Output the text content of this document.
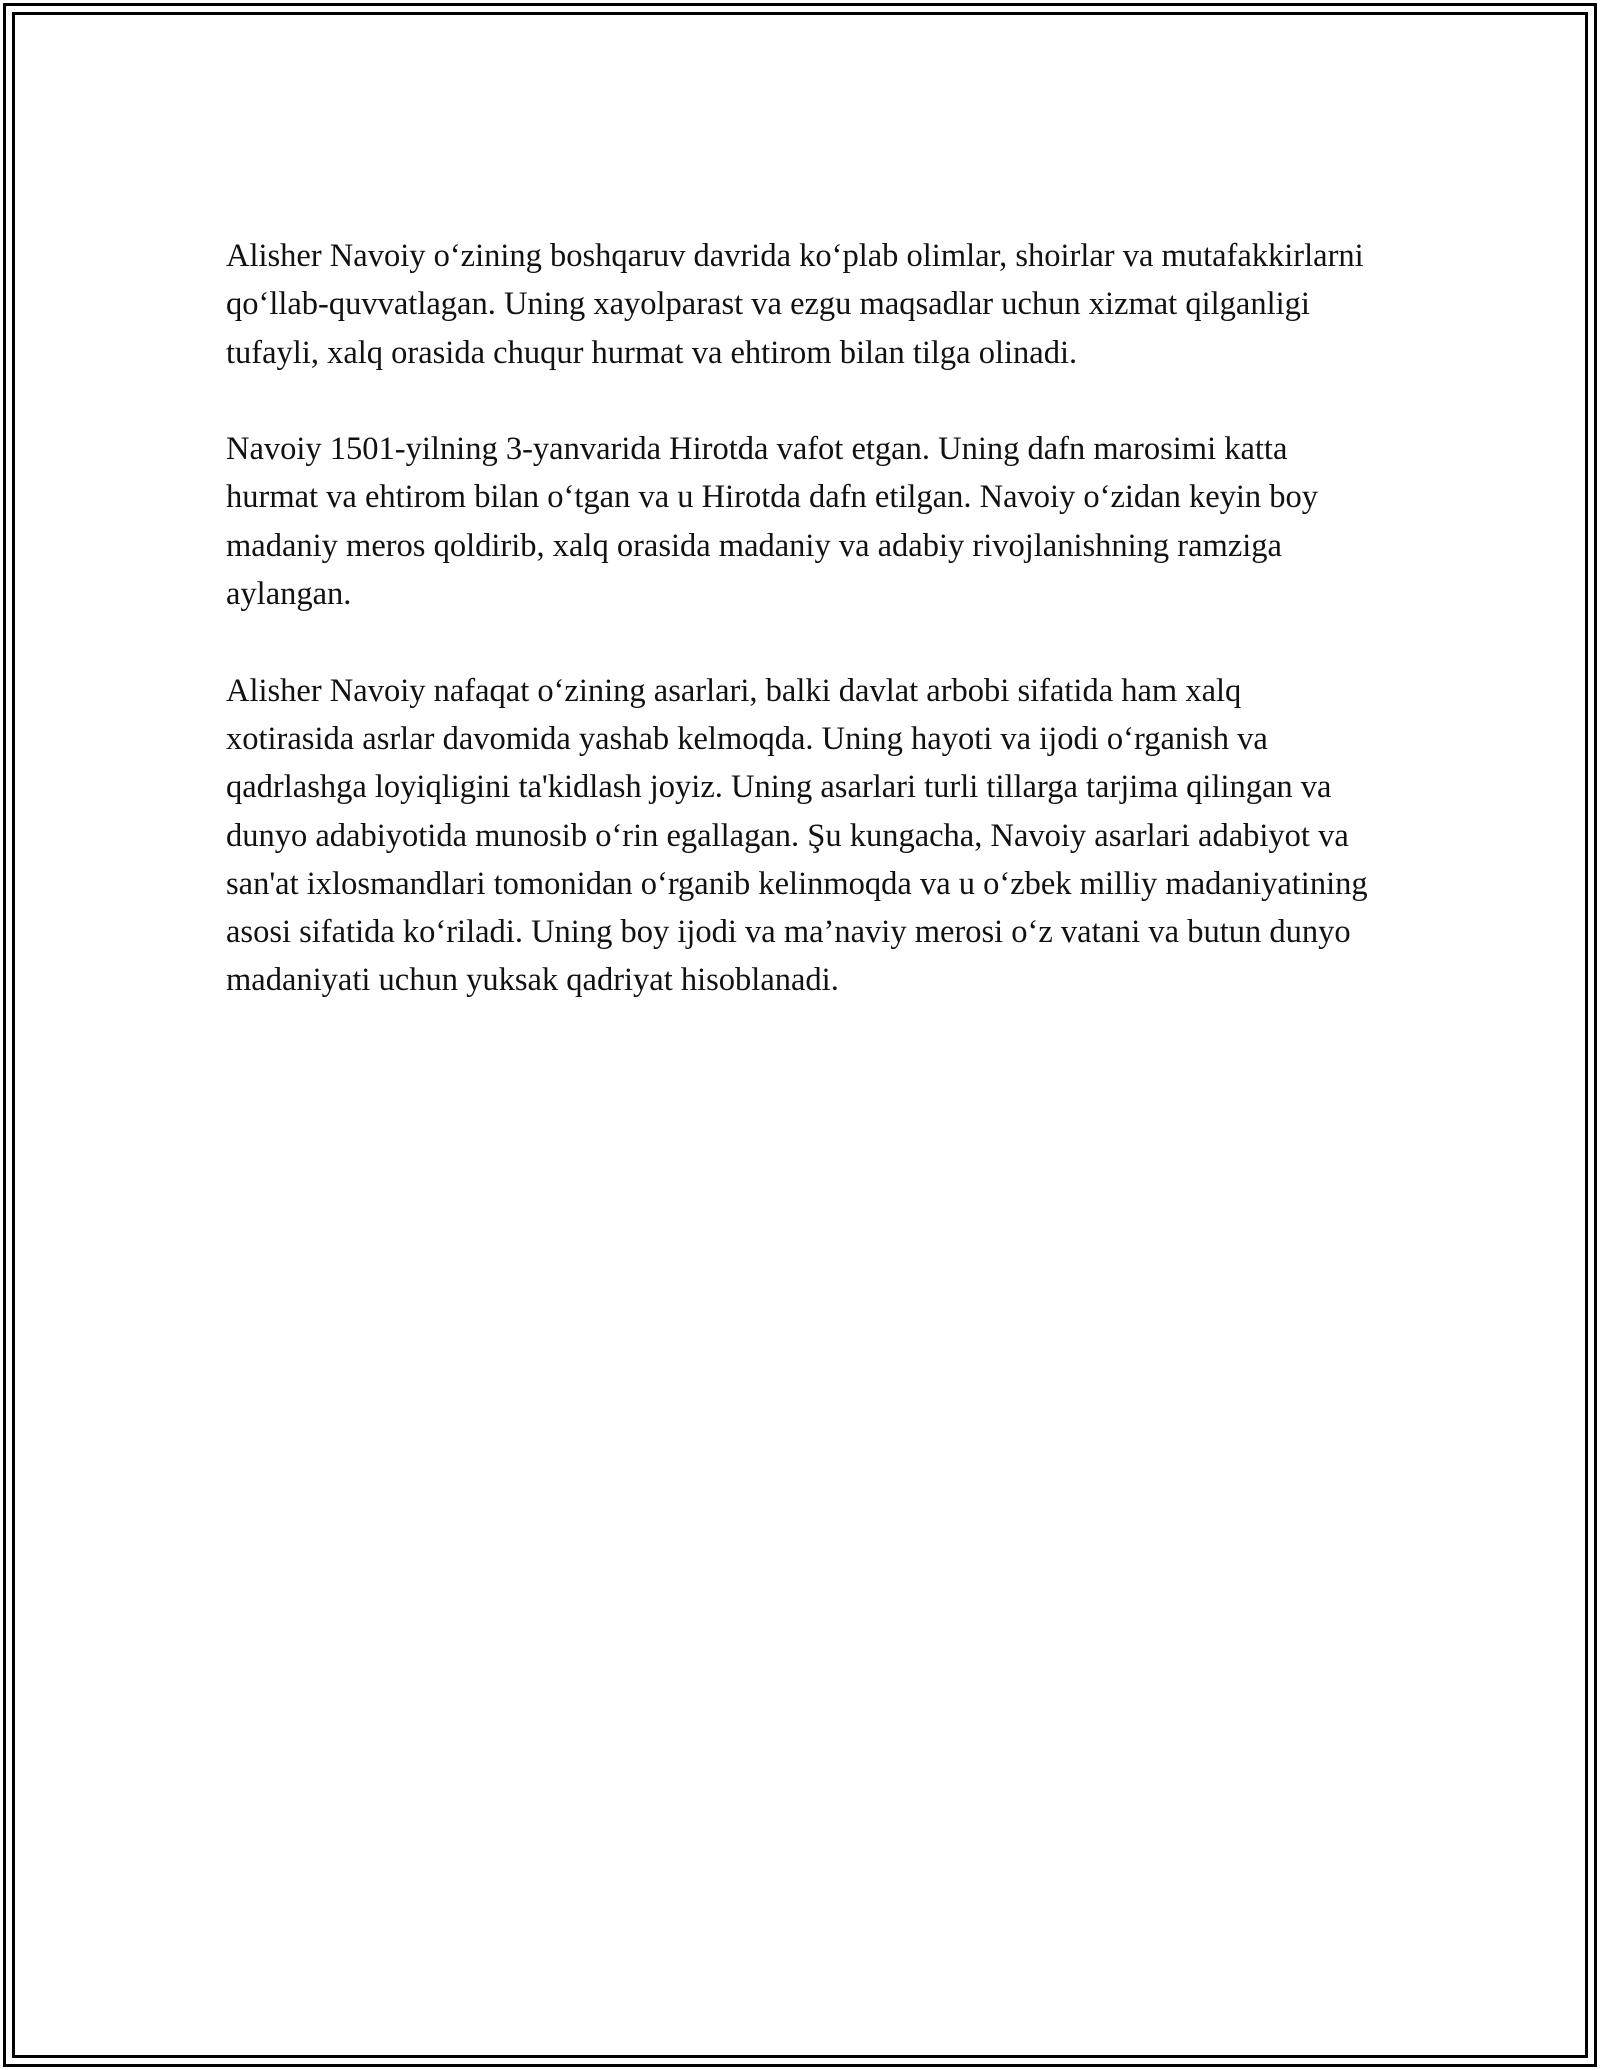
Alisher Navoiy o‘zining boshqaruv davrida ko‘plab olimlar, shoirlar va mutafakkirlarni qo‘llab-quvvatlagan. Uning xayolparast va ezgu maqsadlar uchun xizmat qilganligi tufayli, xalq orasida chuqur hurmat va ehtirom bilan tilga olinadi.

Navoiy 1501-yilning 3-yanvarida Hirotda vafot etgan. Uning dafn marosimi katta hurmat va ehtirom bilan o‘tgan va u Hirotda dafn etilgan. Navoiy o‘zidan keyin boy madaniy meros qoldirib, xalq orasida madaniy va adabiy rivojlanishning ramziga aylangan.

Alisher Navoiy nafaqat o‘zining asarlari, balki davlat arbobi sifatida ham xalq xotirasida asrlar davomida yashab kelmoqda. Uning hayoti va ijodi o‘rganish va qadrlashga loyiqligini ta'kidlash joyiz. Uning asarlari turli tillarga tarjima qilingan va dunyo adabiyotida munosib o‘rin egallagan. Şu kungacha, Navoiy asarlari adabiyot va san'at ixlosmandlari tomonidan o‘rganib kelinmoqda va u o‘zbek milliy madaniyatining asosi sifatida ko‘riladi. Uning boy ijodi va ma’naviy merosi o‘z vatani va butun dunyo madaniyati uchun yuksak qadriyat hisoblanadi.
